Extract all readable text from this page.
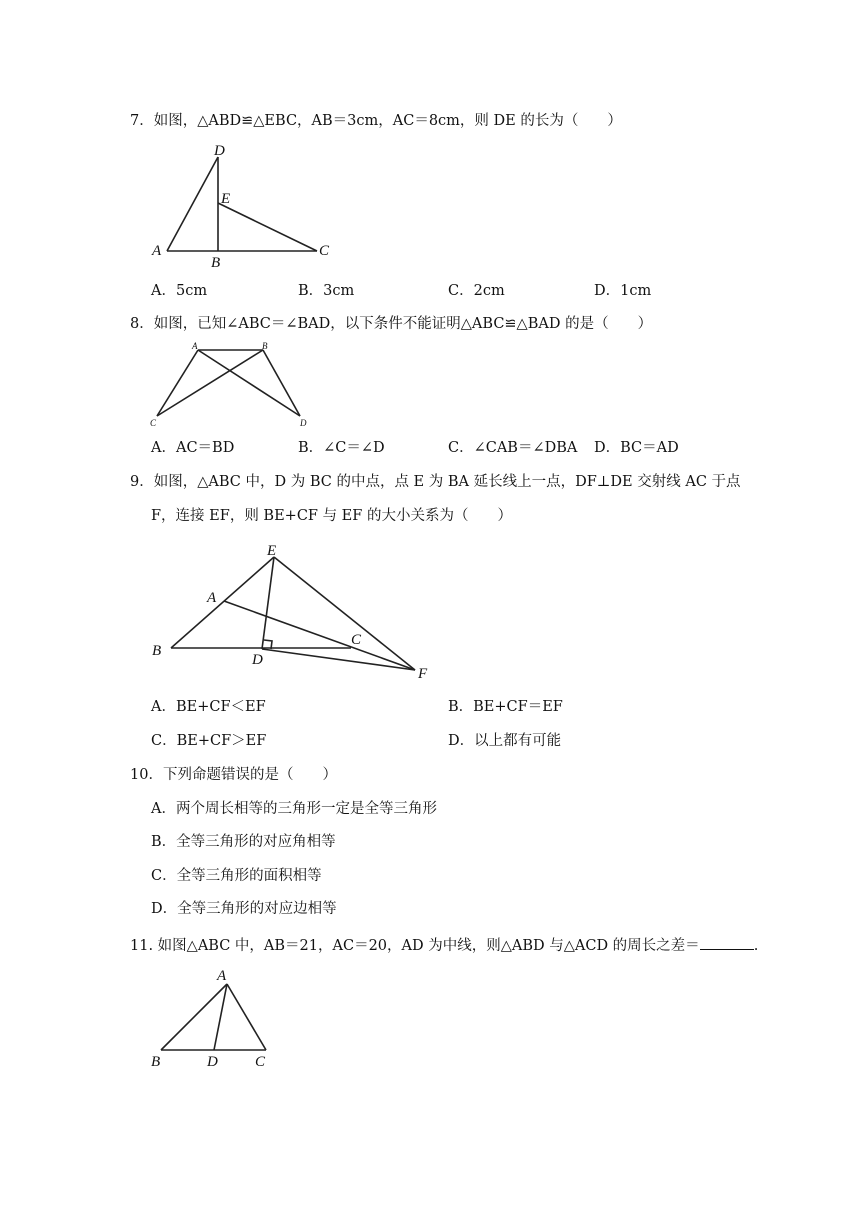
7．如图，△ABD≌△EBC，AB＝3cm，AC＝8cm，则 DE 的长为（　　）
D
E
A
B
C
A．5cm	B．3cm	C．2cm	D．1cm
8．如图，已知∠ABC＝∠BAD，以下条件不能证明△ABC≌△BAD 的是（　　）
A	B
C	D
A．AC＝BD	B．∠C＝∠D	C．∠CAB＝∠DBA D．BC＝AD
9．如图，△ABC 中，D 为 BC 的中点，点 E 为 BA 延长线上一点，DF⊥DE 交射线 AC 于点
F，连接 EF，则 BE+CF 与 EF 的大小关系为（　　）
E
A
B
C
D
F
A．BE+CF＜EF	B．BE+CF＝EF
C．BE+CF＞EF	D．以上都有可能
10．下列命题错误的是（　　）
A．两个周长相等的三角形一定是全等三角形
B．全等三角形的对应角相等
C．全等三角形的面积相等
D．全等三角形的对应边相等
11. 如图△ABC 中，AB＝21，AC＝20，AD 为中线，则△ABD 与△ACD 的周长之差＝	.
A
B	D C
